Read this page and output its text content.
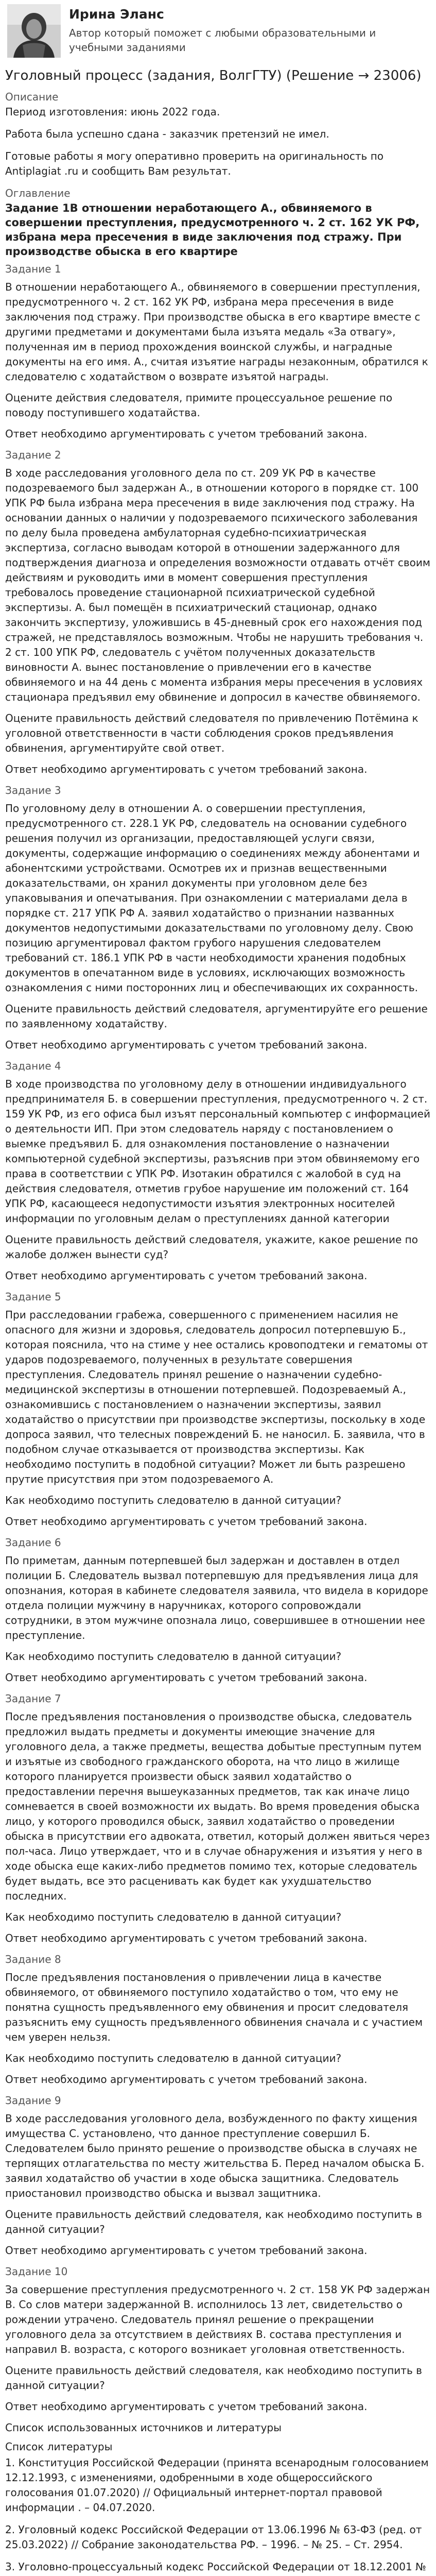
Ирина Эланс

Автор который поможет с любыми образовательными и учебными заданиями

Уголовный процесс (задания, ВолгГТУ) (Решение → 23006)

Описание

Период изготовления: июнь 2022 года.

Работа была успешно сдана - заказчик претензий не имел.

Готовые работы я могу оперативно проверить на оригинальность по Antiplagiat .ru и сообщить Вам результат.

Оглавление

Задание 1В отношении неработающего А., обвиняемого в совершении преступления, предусмотренного ч. 2 ст. 162 УК РФ, избрана мера пресечения в виде заключения под стражу. При производстве обыска в его квартире

Задание 1

В отношении неработающего А., обвиняемого в совершении преступления, предусмотренного ч. 2 ст. 162 УК РФ, избрана мера пресечения в виде заключения под стражу. При производстве обыска в его квартире вместе с другими предметами и документами была изъята медаль «За отвагу», полученная им в период прохождения воинской службы, и наградные документы на его имя. А., считая изъятие награды незаконным, обратился к следователю с ходатайством о возврате изъятой награды.

Оцените действия следователя, примите процессуальное решение по поводу поступившего ходатайства.

Ответ необходимо аргументировать с учетом требований закона.

Задание 2

В ходе расследования уголовного дела по ст. 209 УК РФ в качестве подозреваемого был задержан А., в отношении которого в порядке ст. 100 УПК РФ была избрана мера пресечения в виде заключения под стражу. На основании данных о наличии у подозреваемого психического заболевания по делу была проведена амбулаторная судебно-психиатрическая экспертиза, согласно выводам которой в отношении задержанного для подтверждения диагноза и определения возможности отдавать отчёт своим действиям и руководить ими в момент совершения преступления требовалось проведение стационарной психиатрической судебной экспертизы. А. был помещён в психиатрический стационар, однако закончить экспертизу, уложившись в 45-дневный срок его нахождения под стражей, не представлялось возможным. Чтобы не нарушить требования ч. 2 ст. 100 УПК РФ, следователь с учётом полученных доказательств виновности А. вынес постановление о привлечении его в качестве обвиняемого и на 44 день с момента избрания меры пресечения в условиях стационара предъявил ему обвинение и допросил в качестве обвиняемого.

Оцените правильность действий следователя по привлечению Потёмина к уголовной ответственности в части соблюдения сроков предъявления обвинения, аргументируйте свой ответ.

Ответ необходимо аргументировать с учетом требований закона.

Задание 3

По уголовному делу в отношении А. о совершении преступления, предусмотренного ст. 228.1 УК РФ, следователь на основании судебного решения получил из организации, предоставляющей услуги связи, документы, содержащие информацию о соединениях между абонентами и абонентскими устройствами. Осмотрев их и признав вещественными доказательствами, он хранил документы при уголовном деле без упаковывания и опечатывания. При ознакомлении с материалами дела в порядке ст. 217 УПК РФ А. заявил ходатайство о признании названных документов недопустимыми доказательствами по уголовному делу. Свою позицию аргументировал фактом грубого нарушения следователем требований ст. 186.1 УПК РФ в части необходимости хранения подобных документов в опечатанном виде в условиях, исключающих возможность ознакомления с ними посторонних лиц и обеспечивающих их сохранность.

Оцените правильность действий следователя, аргументируйте его решение по заявленному ходатайству.

Ответ необходимо аргументировать с учетом требований закона.

Задание 4

В ходе производства по уголовному делу в отношении индивидуального предпринимателя Б. в совершении преступления, предусмотренного ч. 2 ст. 159 УК РФ, из его офиса был изъят персональный компьютер с информацией о деятельности ИП. При этом следователь наряду с постановлением о выемке предъявил Б. для ознакомления постановление о назначении компьютерной судебной экспертизы, разъяснив при этом обвиняемому его права в соответствии с УПК РФ. Изотакин обратился с жалобой в суд на действия следователя, отметив грубое нарушение им положений ст. 164 УПК РФ, касающееся недопустимости изъятия электронных носителей информации по уголовным делам о преступлениях данной категории

Оцените правильность действий следователя, укажите, какое решение по жалобе должен вынести суд?

Ответ необходимо аргументировать с учетом требований закона.

Задание 5

При расследовании грабежа, совершенного с применением насилия не опасного для жизни и здоровья, следователь допросил потерпевшую Б., которая пояснила, что на стиме у нее остались кровоподтеки и гематомы от ударов подозреваемого, полученных в результате совершения преступления. Следователь принял решение о назначении судебно-медицинской экспертизы в отношении потерпевшей. Подозреваемый А., ознакомившись с постановлением о назначении экспертизы, заявил ходатайство о присутствии при производстве экспертизы, поскольку в ходе допроса заявил, что телесных повреждений Б. не наносил. Б. заявила, что в подобном случае отказывается от производства экспертизы. Как необходимо поступить в подобной ситуации? Может ли быть разрешено прутие присутствия при этом подозреваемого А.

Как необходимо поступить следователю в данной ситуации?

Ответ необходимо аргументировать с учетом требований закона.

Задание 6

По приметам, данным потерпевшей был задержан и доставлен в отдел полиции Б. Следователь вызвал потерпевшую для предъявления лица для опознания, которая в кабинете следователя заявила, что видела в коридоре отдела полиции мужчину в наручниках, которого сопровождали сотрудники, в этом мужчине опознала лицо, совершившее в отношении нее преступление.

Как необходимо поступить следователю в данной ситуации?

Ответ необходимо аргументировать с учетом требований закона.

Задание 7

После предъявления постановления о производстве обыска, следователь предложил выдать предметы и документы имеющие значение для уголовного дела, а также предметы, вещества добытые преступным путем и изъятые из свободного гражданского оборота, на что лицо в жилище которого планируется произвести обыск заявил ходатайство о предоставлении перечня вышеуказанных предметов, так как иначе лицо сомневается в своей возможности их выдать. Во время проведения обыска лицо, у которого проводился обыск, заявил ходатайство о проведении обыска в присутствии его адвоката, ответил, который должен явиться через пол-часа. Лицо утверждает, что и в случае обнаружения и изъятия у него в ходе обыска еще каких-либо предметов помимо тех, которые следователь будет выдать, все это расценивать как будет как ухудшательство последних.

Как необходимо поступить следователю в данной ситуации?

Ответ необходимо аргументировать с учетом требований закона.

Задание 8

После предъявления постановления о привлечении лица в качестве обвиняемого, от обвиняемого поступило ходатайство о том, что ему не понятна сущность предъявленного ему обвинения и просит следователя разъяснить ему сущность предъявленного обвинения сначала и с участием чем уверен нельзя.

Как необходимо поступить следователю в данной ситуации?

Ответ необходимо аргументировать с учетом требований закона.

Задание 9

В ходе расследования уголовного дела, возбужденного по факту хищения имущества С. установлено, что данное преступление совершил Б. Следователем было принято решение о производстве обыска в случаях не терпящих отлагательства по месту жительства Б. Перед началом обыска Б. заявил ходатайство об участии в ходе обыска защитника. Следователь приостановил производство обыска и вызвал защитника.

Оцените правильность действий следователя, как необходимо поступить в данной ситуации?

Ответ необходимо аргументировать с учетом требований закона.

Задание 10

За совершение преступления предусмотренного ч. 2 ст. 158 УК РФ задержан В. Со слов матери задержанной В. исполнилось 13 лет, свидетельство о рождении утрачено. Следователь принял решение о прекращении уголовного дела за отсутствием в действиях В. состава преступления и направил В. возраста, с которого возникает уголовная ответственность.

Оцените правильность действий следователя, как необходимо поступить в данной ситуации?

Ответ необходимо аргументировать с учетом требований закона.

Список использованных источников и литературы

Список литературы

1. Конституция Российской Федерации (принята всенародным голосованием 12.12.1993, с изменениями, одобренными в ходе общероссийского голосования 01.07.2020) // Официальный интернет-портал правовой информации . – 04.07.2020.

2. Уголовный кодекс Российской Федерации от 13.06.1996 № 63-ФЗ (ред. от 25.03.2022) // Собрание законодательства РФ. – 1996. – № 25. – Ст. 2954.

3. Уголовно-процессуальный кодекс Российской Федерации от 18.12.2001 №
